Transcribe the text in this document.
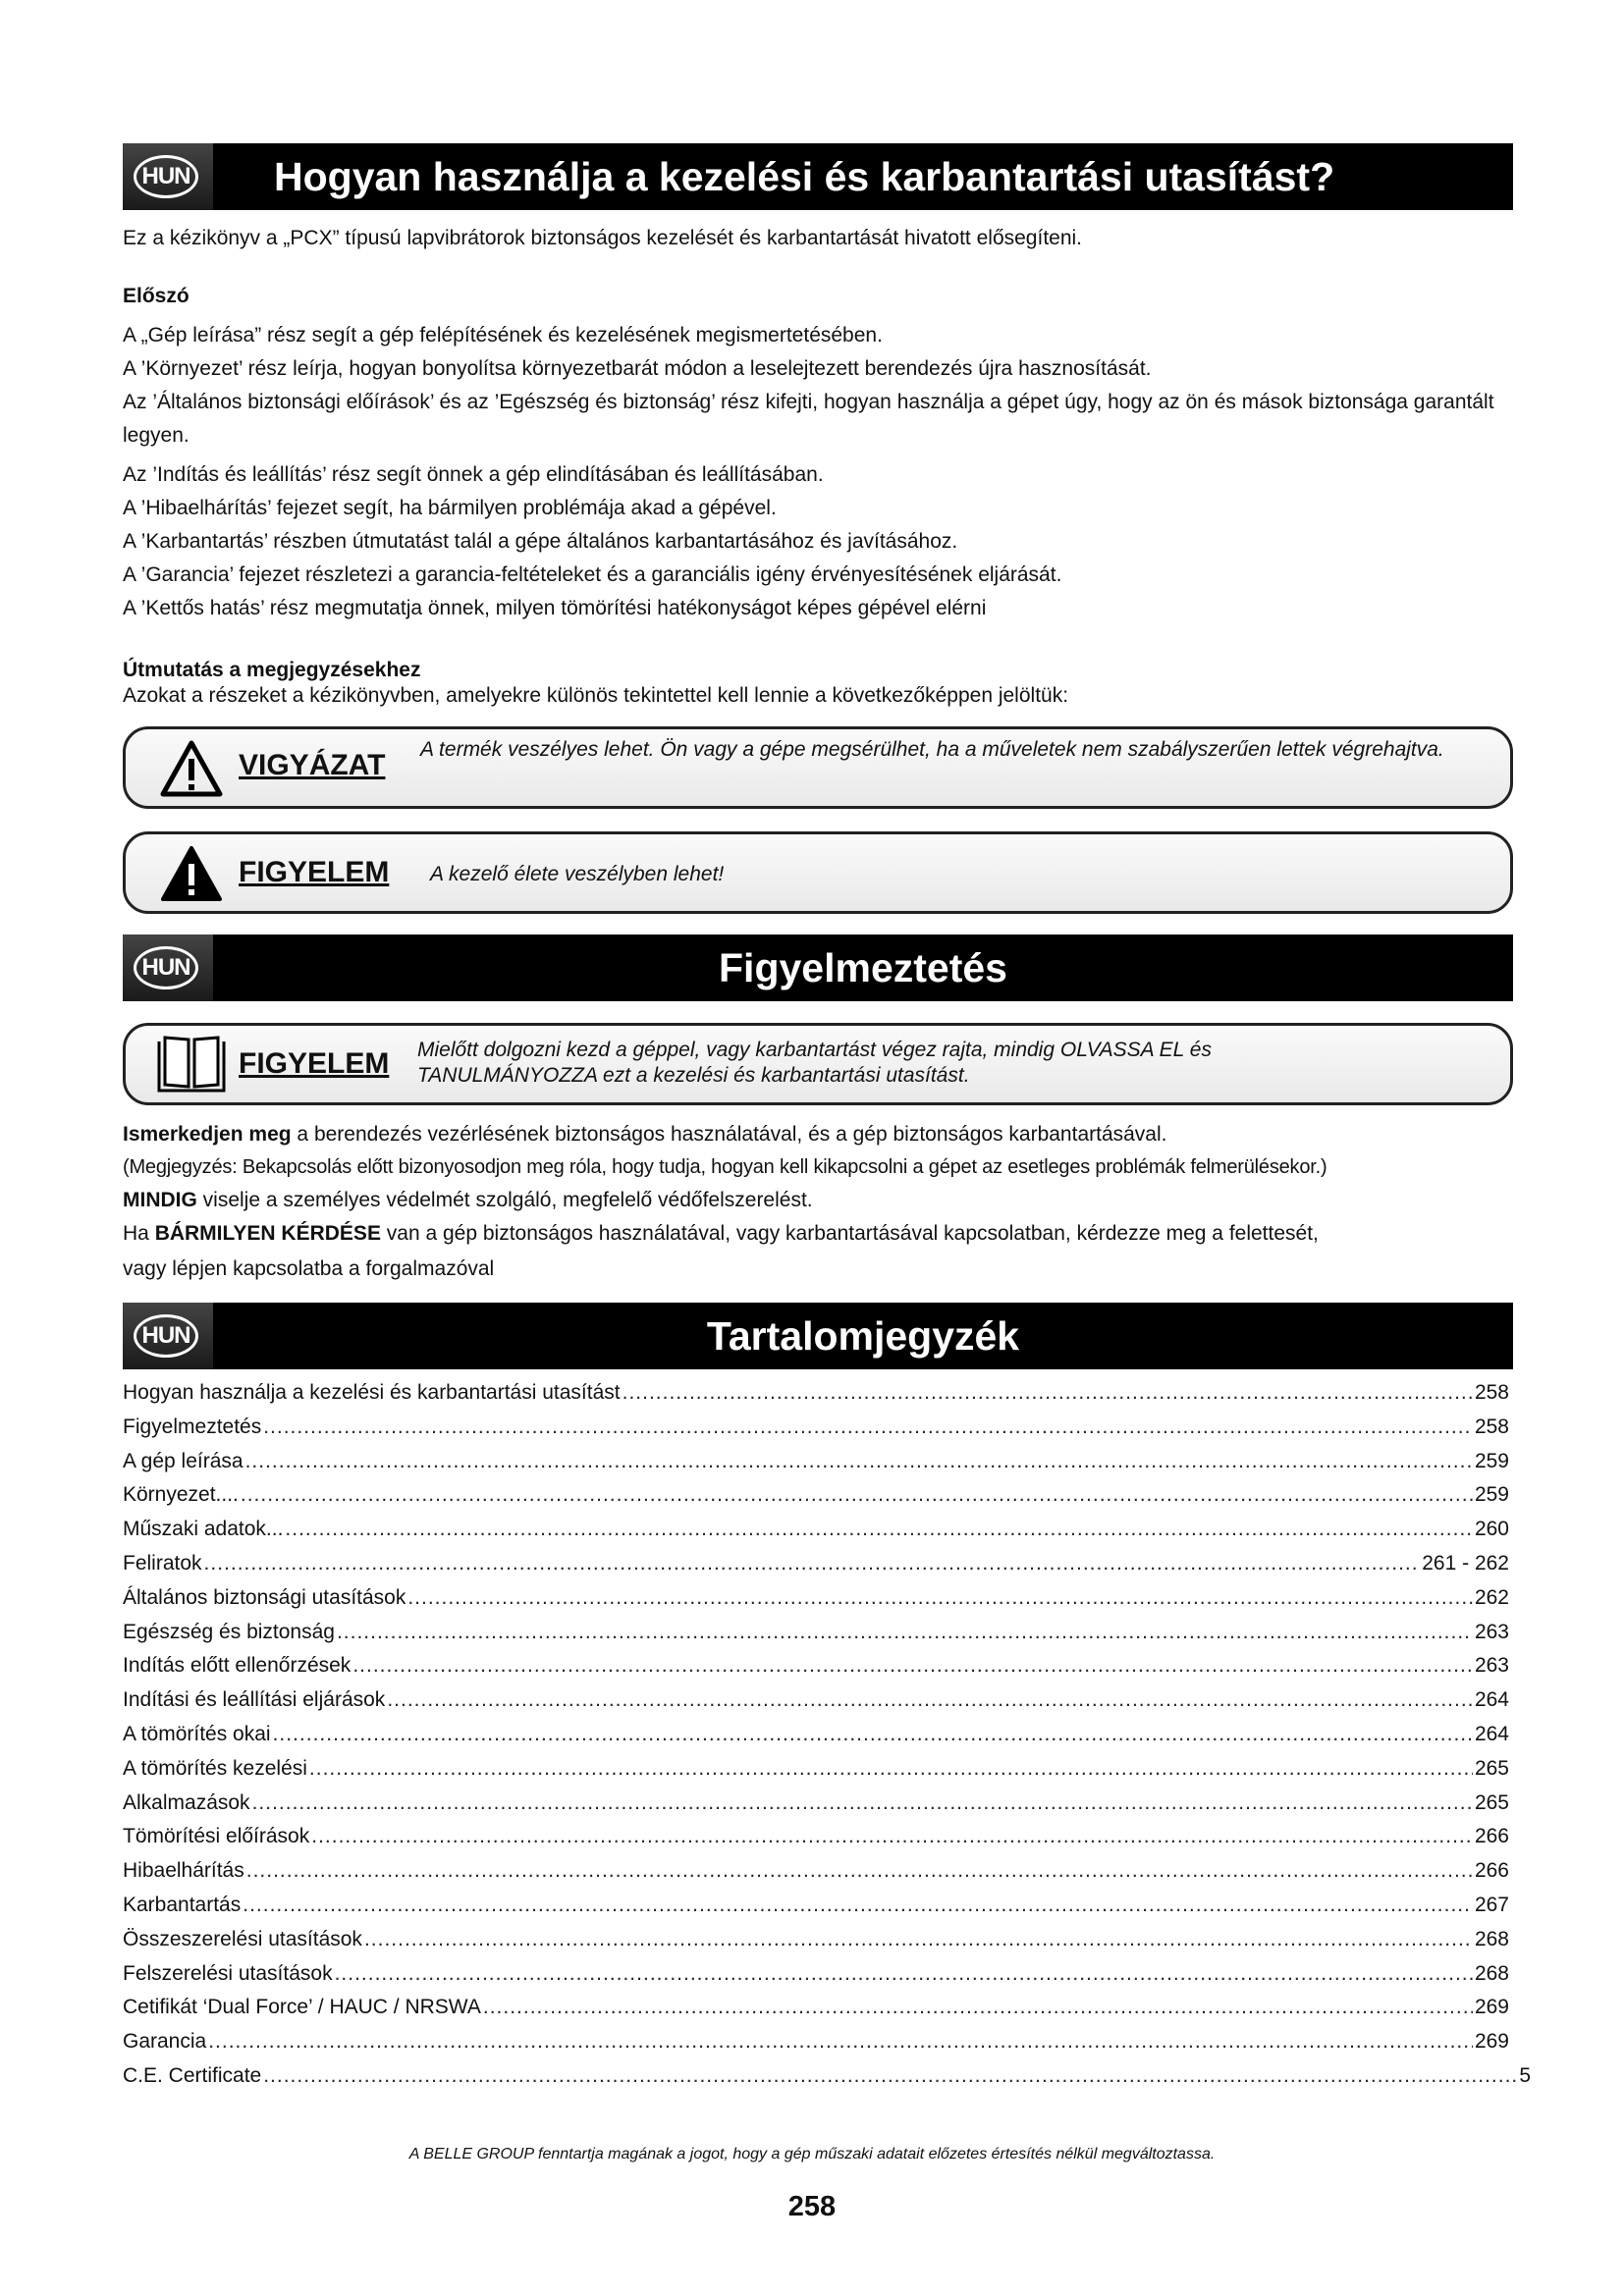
HUN	Hogyan használja a kezelési és karbantartási utasítást?
Ez a kézikönyv a „PCX” típusú lapvibrátorok biztonságos kezelését és karbantartását hivatott elősegíteni.
Előszó
A „Gép leírása” rész segít a gép felépítésének és kezelésének megismertetésében.
A ’Környezet’ rész leírja, hogyan bonyolítsa környezetbarát módon a leselejtezett berendezés újra hasznosítását.
Az ’Általános biztonsági előírások’ és az ’Egészség és biztonság’ rész kifejti, hogyan használja a gépet úgy, hogy az ön és mások biztonsága garantált legyen.
Az ’Indítás és leállítás’ rész segít önnek a gép elindításában és leállításában.
A ’Hibaelhárítás’ fejezet segít, ha bármilyen problémája akad a gépével.
A ’Karbantartás’ részben útmutatást talál a gépe általános karbantartásához és javításához.
A ’Garancia’ fejezet részletezi a garancia-feltételeket és a garanciális igény érvényesítésének eljárását.
A ’Kettős hatás’ rész megmutatja önnek, milyen tömörítési hatékonyságot képes gépével elérni
Útmutatás a megjegyzésekhez
Azokat a részeket a kézikönyvben, amelyekre különös tekintettel kell lennie a következőképpen jelöltük:
VIGYÁZAT A termék veszélyes lehet. Ön vagy a gépe megsérülhet, ha a műveletek nem szabályszerűen lettek végrehajtva.
FIGYELEM A kezelő élete veszélyben lehet!
HUN	Figyelmeztetés
FIGYELEM Mielőtt dolgozni kezd a géppel, vagy karbantartást végez rajta, mindig OLVASSA EL és TANULMÁNYOZZA ezt a kezelési és karbantartási utasítást.
Ismerkedjen meg a berendezés vezérlésének biztonságos használatával, és a gép biztonságos karbantartásával.
(Megjegyzés: Bekapcsolás előtt bizonyosodjon meg róla, hogy tudja, hogyan kell kikapcsolni a gépet az esetleges problémák felmerülésekor.)
MINDIG viselje a személyes védelmét szolgáló, megfelelő védőfelszerelést.
Ha BÁRMILYEN KÉRDÉSE van a gép biztonságos használatával, vagy karbantartásával kapcsolatban, kérdezze meg a felettesét,
vagy lépjen kapcsolatba a forgalmazóval
HUN	Tartalomjegyzék
Hogyan használja a kezelési és karbantartási utasítást .....	258
Figyelmeztetés .....	258
A gép leírása .....	259
Környezet.... .....	259
Műszaki adatok... .....	260
Feliratok .....	261 - 262
Általános biztonsági utasítások .....	262
Egészség és biztonság .....	263
Indítás előtt ellenőrzések .....	263
Indítási és leállítási eljárások .....	264
A tömörítés okai .....	264
A tömörítés kezelési .....	265
Alkalmazások .....	265
Tömörítési előírások .....	266
Hibaelhárítás .....	266
Karbantartás .....	267
Összeszerelési utasítások .....	268
Felszerelési utasítások .....	268
Cetifikát ‘Dual Force’ / HAUC / NRSWA .....	269
Garancia .....	269
C.E. Certificate .....	5
A BELLE GROUP fenntartja magának a jogot, hogy a gép műszaki adatait előzetes értesítés nélkül megváltoztassa.
258
